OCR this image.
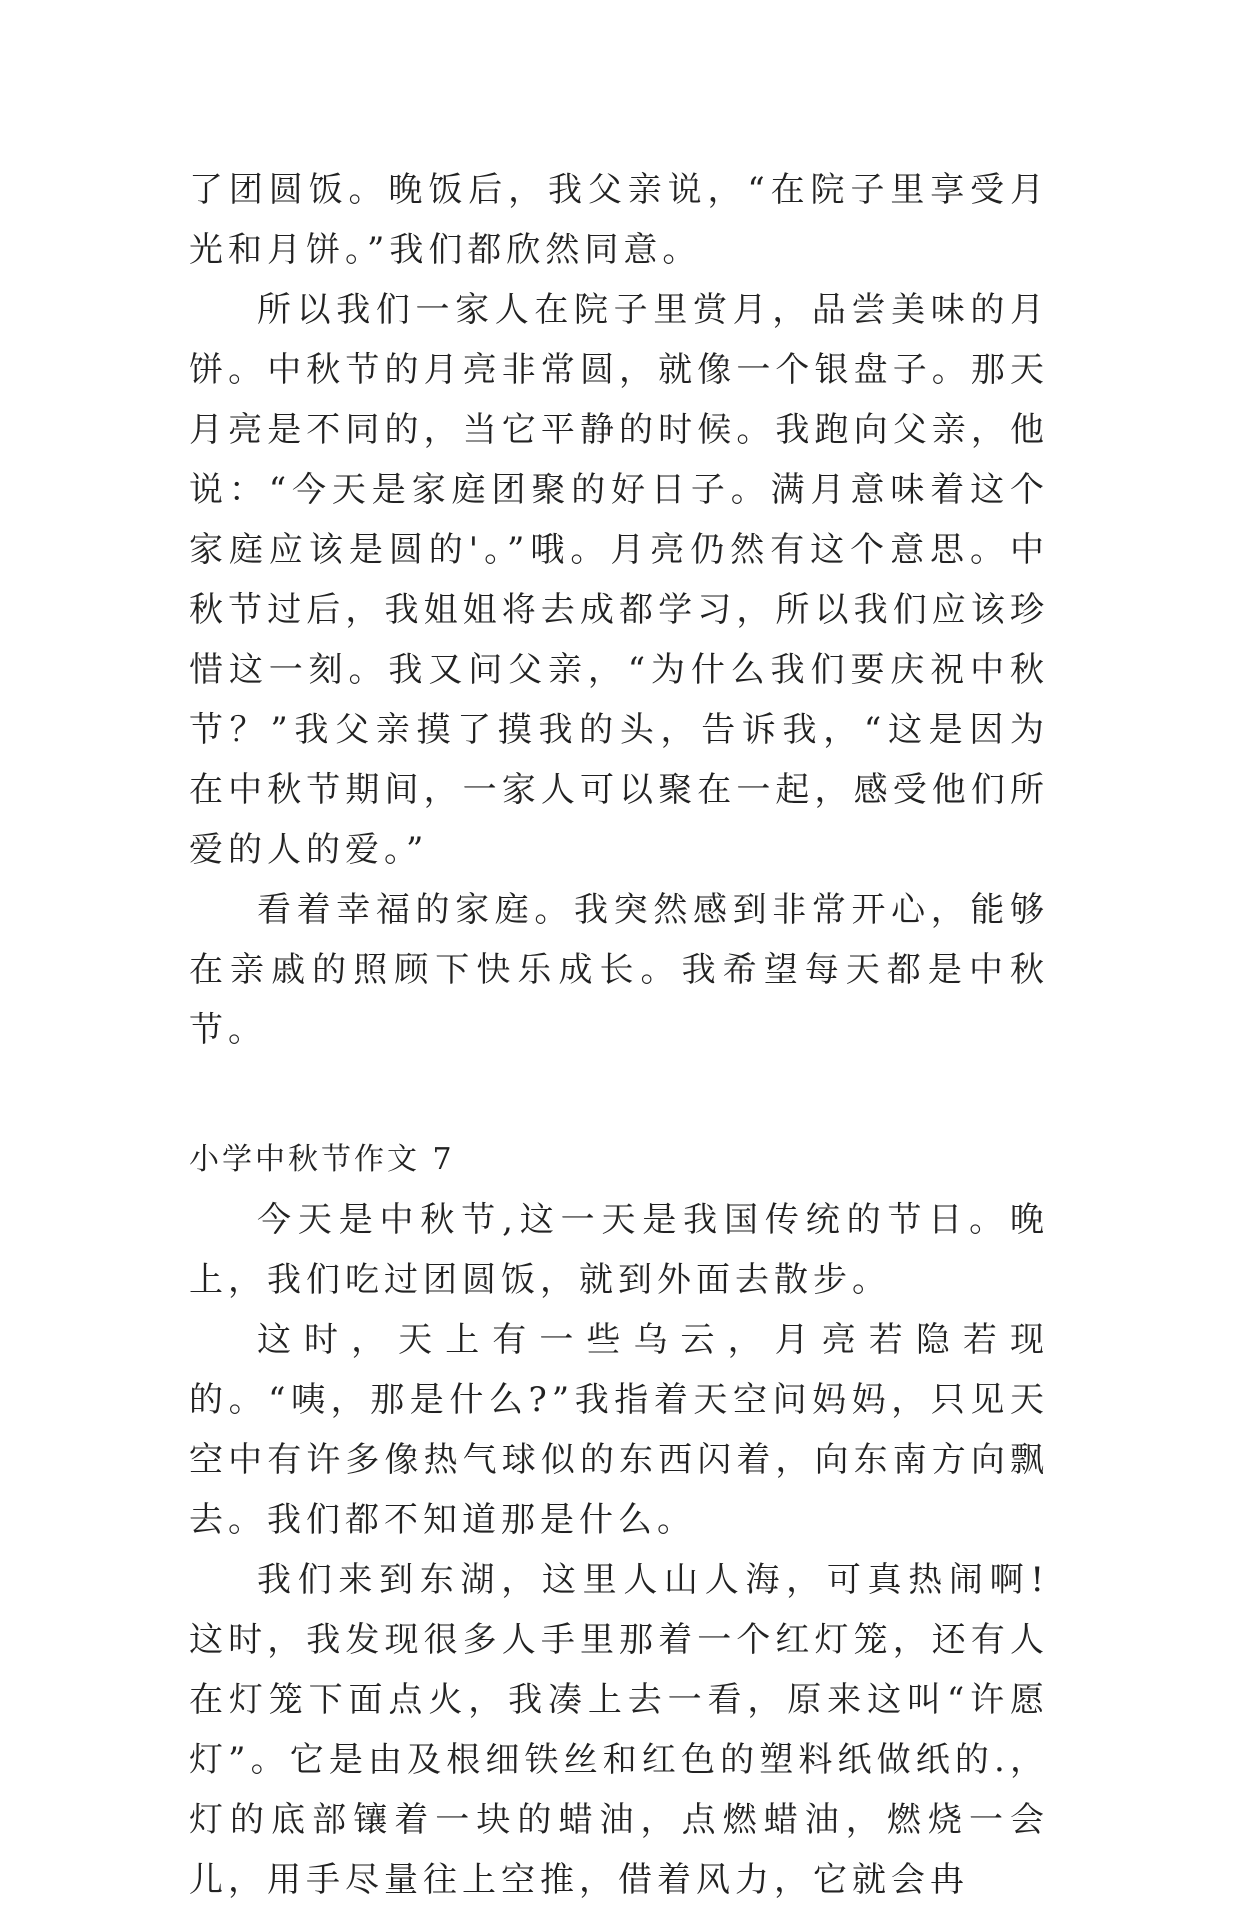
了团圆饭。晚饭后，我父亲说，“在院子里享受月光和月饼。”我们都欣然同意。

所以我们一家人在院子里赏月，品尝美味的月饼。中秋节的月亮非常圆，就像一个银盘子。那天月亮是不同的，当它平静的时候。我跑向父亲，他说：“今天是家庭团聚的好日子。满月意味着这个家庭应该是圆的'。”哦。月亮仍然有这个意思。中秋节过后，我姐姐将去成都学习，所以我们应该珍惜这一刻。我又问父亲，“为什么我们要庆祝中秋节？”我父亲摸了摸我的头，告诉我，“这是因为在中秋节期间，一家人可以聚在一起，感受他们所爱的人的爱。”

看着幸福的家庭。我突然感到非常开心，能够在亲戚的照顾下快乐成长。我希望每天都是中秋节。

小学中秋节作文 7

今天是中秋节,这一天是我国传统的节日。晚上，我们吃过团圆饭，就到外面去散步。

这时，天上有一些乌云，月亮若隐若现的。“咦，那是什么?”我指着天空问妈妈，只见天空中有许多像热气球似的东西闪着，向东南方向飘去。我们都不知道那是什么。

我们来到东湖，这里人山人海，可真热闹啊!这时，我发现很多人手里那着一个红灯笼，还有人在灯笼下面点火，我凑上去一看，原来这叫“许愿灯”。它是由及根细铁丝和红色的塑料纸做纸的.，灯的底部镶着一块的蜡油，点燃蜡油，燃烧一会儿，用手尽量往上空推，借着风力，它就会冉
